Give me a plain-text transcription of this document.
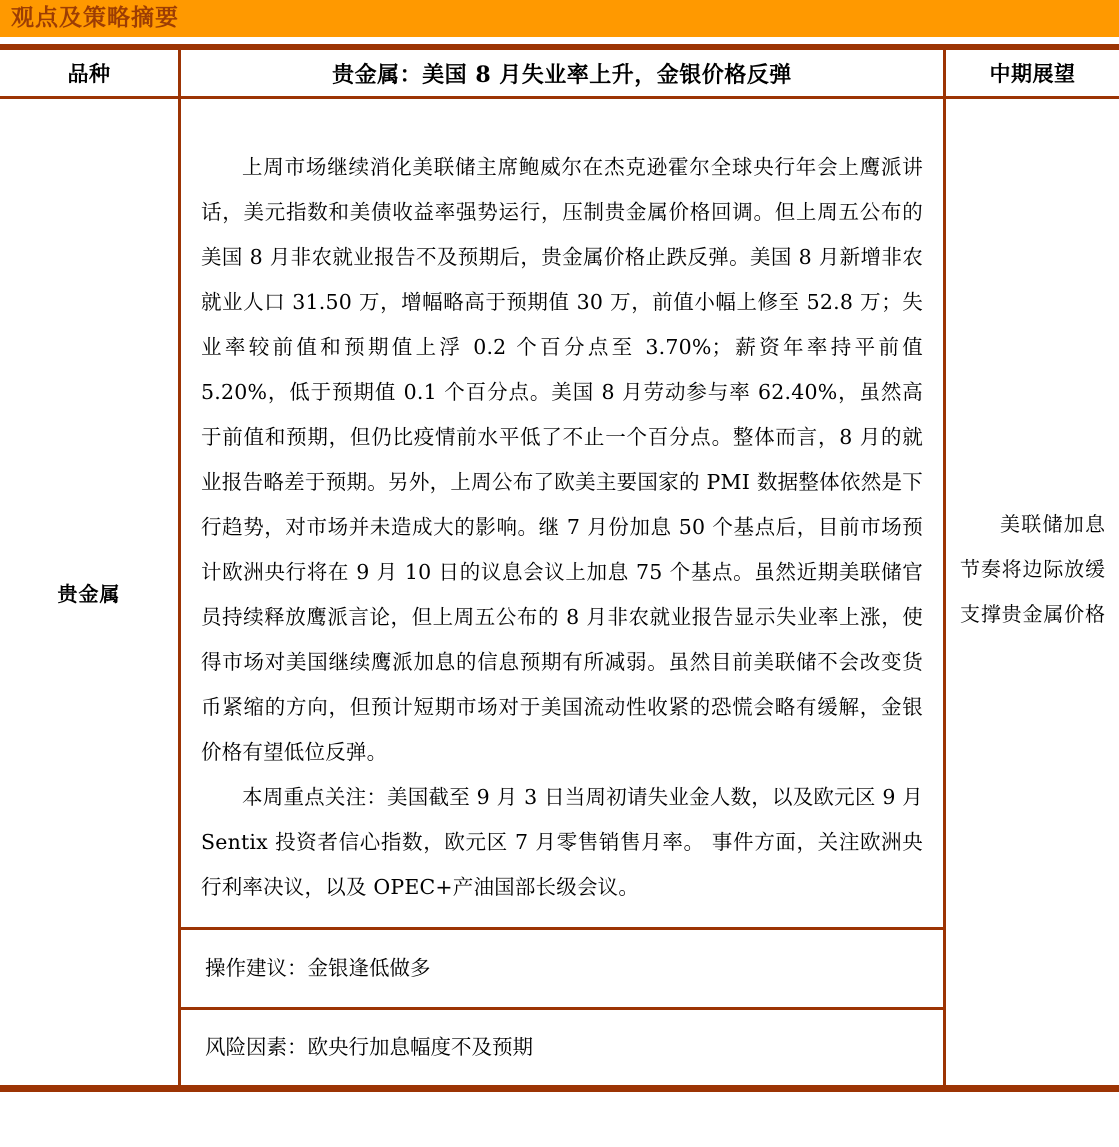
观点及策略摘要
品种	贵金属：美国 8 月失业率上升，金银价格反弹	中期展望
贵金属

上周市场继续消化美联储主席鲍威尔在杰克逊霍尔全球央行年会上鹰派讲话，美元指数和美债收益率强势运行，压制贵金属价格回调。但上周五公布的美国 8 月非农就业报告不及预期后，贵金属价格止跌反弹。美国 8 月新增非农就业人口 31.50 万，增幅略高于预期值 30 万，前值小幅上修至 52.8 万；失业率较前值和预期值上浮 0.2 个百分点至 3.70%；薪资年率持平前值 5.20%，低于预期值 0.1 个百分点。美国 8 月劳动参与率 62.40%，虽然高于前值和预期，但仍比疫情前水平低了不止一个百分点。整体而言，8 月的就业报告略差于预期。另外，上周公布了欧美主要国家的 PMI 数据整体依然是下行趋势，对市场并未造成大的影响。继 7 月份加息 50 个基点后，目前市场预计欧洲央行将在 9 月 10 日的议息会议上加息 75 个基点。虽然近期美联储官员持续释放鹰派言论，但上周五公布的 8 月非农就业报告显示失业率上涨，使得市场对美国继续鹰派加息的信息预期有所减弱。虽然目前美联储不会改变货币紧缩的方向，但预计短期市场对于美国流动性收紧的恐慌会略有缓解，金银价格有望低位反弹。

本周重点关注：美国截至 9 月 3 日当周初请失业金人数，以及欧元区 9 月 Sentix 投资者信心指数，欧元区 7 月零售销售月率。 事件方面，关注欧洲央行利率决议，以及 OPEC+产油国部长级会议。

操作建议：金银逢低做多

风险因素：欧央行加息幅度不及预期

美联储加息节奏将边际放缓支撑贵金属价格
